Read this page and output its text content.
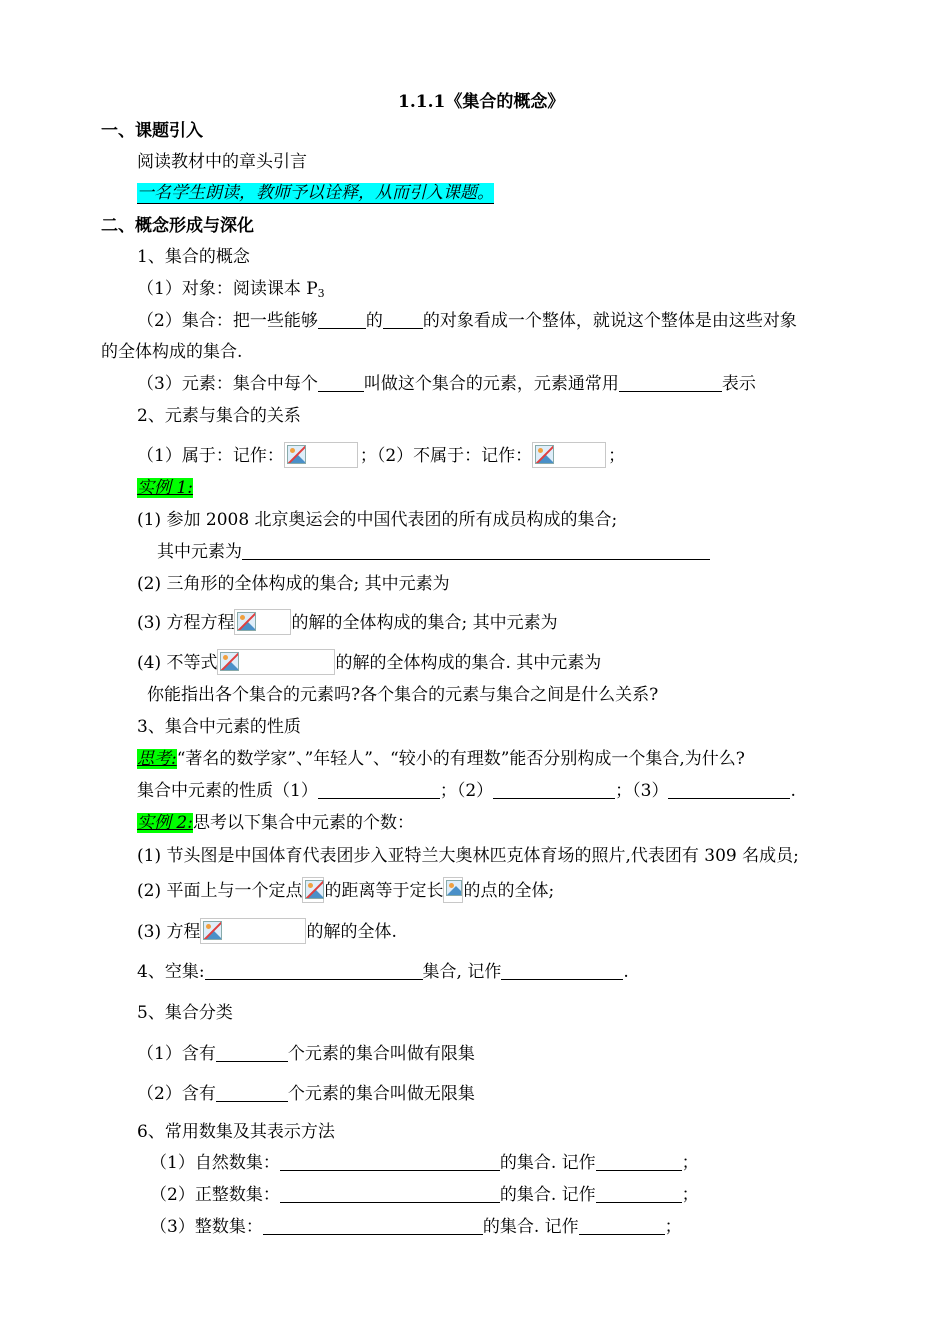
1.1.1《集合的概念》
一、课题引入
阅读教材中的章头引言
一名学生朗读，教师予以诠释，从而引入课题。
二、概念形成与深化
1、集合的概念
（1）对象：阅读课本 $P_3$
（2）集合：把一些能够	的 的对象看成一个整体，就说这个整体是由这些对象
的全体构成的集合.
（3）元素：集合中每个	叫做这个集合的元素，元素通常用	表示
2、元素与集合的关系
（1）属于：记作：	；（2）不属于：记作：	；
实例 1:
(1) 参加 2008 北京奥运会的中国代表团的所有成员构成的集合;
其中元素为
(2) 三角形的全体构成的集合; 其中元素为
(3) 方程方程	的解的全体构成的集合; 其中元素为
(4) 不等式	的解的全体构成的集合. 其中元素为
你能指出各个集合的元素吗?各个集合的元素与集合之间是什么关系?
3、集合中元素的性质
思考:“著名的数学家”、”年轻人”、“较小的有理数”能否分别构成一个集合,为什么?
集合中元素的性质（1）	；（2）	；（3）	.
实例 2:思考以下集合中元素的个数：
(1) 节头图是中国体育代表团步入亚特兰大奥林匹克体育场的照片,代表团有 309 名成员;
(2) 平面上与一个定点 的距离等于定长 的点的全体;
(3) 方程	的解的全体.
4、空集:	集合, 记作	.
5、集合分类
（1）含有	个元素的集合叫做有限集
（2）含有	个元素的集合叫做无限集
6、常用数集及其表示方法
（1）自然数集：	的集合. 记作	；
（2）正整数集：	的集合. 记作	；
（3）整数集：	的集合. 记作	；
